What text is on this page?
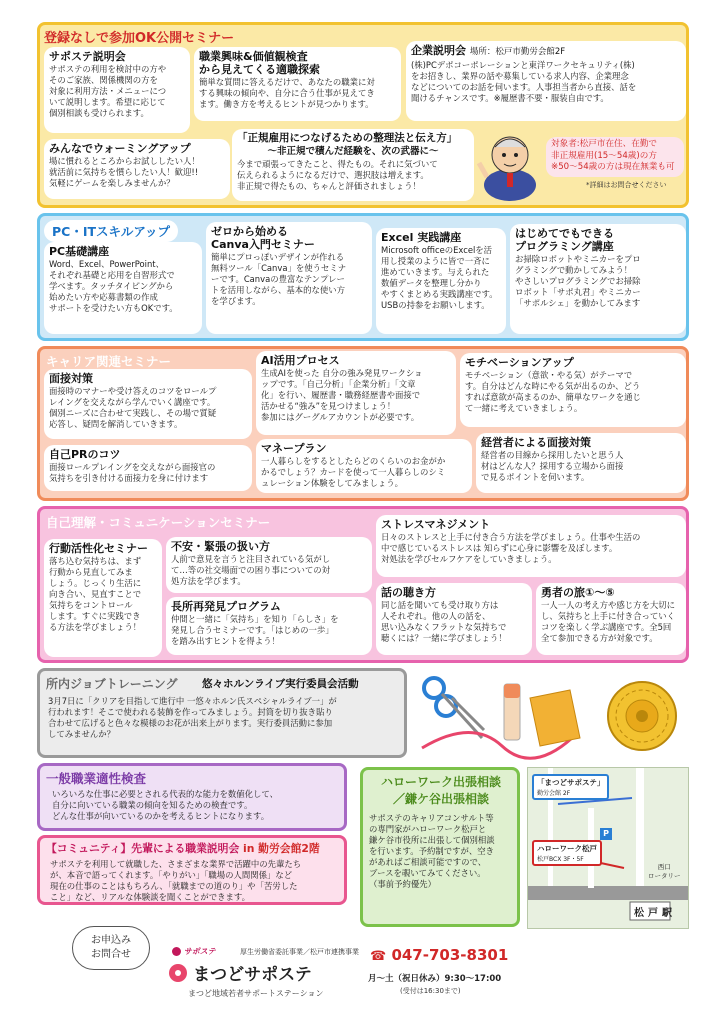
登録なしで参加OK公開セミナー
サポステ説明会
サポステの利用を検討中の方や
そのご家族、関係機関の方を
対象に利用方法・メニューにつ
いて説明します。希望に応じて
個別相談も受けられます。
職業興味&価値観検査
から見えてくる適職探索
簡単な質問に答えるだけで、あなたの職業に対
する興味の傾向や、自分に合う仕事が見えてき
ます。働き方を考えるヒントが見つかります。
企業説明会 場所：松戸市勤労会館2F
(株)PCデポコーポレーションと東洋ワークセキュリティ(株)
をお招きし、業界の話や募集している求人内容、企業理念
などについてのお話を伺います。人事担当者から直接、話を
聞けるチャンスです。※履歴書不要・服装自由です。
みんなでウォーミングアップ
場に慣れるところからお試ししたい人！
就活前に気持ちを慣らしたい人！歓迎!!
気軽にゲームを楽しみませんか？
「正規雇用につなげるための整理法と伝え方」
～非正規で積んだ経験を、次の武器に～
今まで頑張ってきたこと、得たもの。それに気づいて
伝えられるようになるだけで、選択肢は増えます。
非正規で得たもの、ちゃんと評価されましょう！
対象者:松戸市在住、在勤で
非正規雇用(15～54歳)の方
※50～54歳の方は現在無業も可
*詳細はお問合せください
PC・ITスキルアップ
PC基礎講座
Word、Excel、PowerPoint、
それぞれ基礎と応用を自習形式で
学べます。タッチタイピングから
始めたい方や応募書類の作成
サポートを受けたい方もOKです。
ゼロから始める
Canva入門セミナー
簡単にプロっぽいデザインが作れる
無料ツール「Canva」を使うセミナ
ーです。Canvaの豊富なテンプレー
トを活用しながら、基本的な使い方
を学びます。
Excel 実践講座
Microsoft officeのExcelを活
用し授業のように皆で一斉に
進めていきます。与えられた
数値データを整理し分かり
やすくまとめる実践講座です。
USBの持参をお願いします。
はじめてでもできる
プログラミング講座
お掃除ロボットやミニカーをプロ
グラミングで動かしてみよう！
やさしいプログラミングでお掃除
ロボット「サポ丸君」やミニカー
「サポルシェ」を動かしてみます
キャリア関連セミナー
面接対策
面接時のマナーや受け答えのコツをロールプ
レイングを交えながら学んでいく講座です。
個別ニーズに合わせて実践し、その場で質疑
応答し、疑問を解消していきます。
AI活用プロセス
生成AIを使った 自分の強み発見ワークショ
ップです。「自己分析」「企業分析」「文章
化」を行い、履歴書・職務経歴書や面接で
活かせる“強み”を見つけましょう！
参加にはグーグルアカウントが必要です。
モチベーションアップ
モチベーション（意欲・やる気）がテーマで
す。自分はどんな時にやる気が出るのか、どう
すれば意欲が高まるのか、簡単なワークを通じ
て一緒に考えていきましょう。
自己PRのコツ
面接ロールプレイングを交えながら面接官の
気持ちを引き付ける面接力を身に付けます
マネープラン
一人暮らしをするとしたらどのくらいのお金がか
かるでしょう？カードを使って一人暮らしのシミ
ュレーション体験をしてみましょう。
経営者による面接対策
経営者の目線から採用したいと思う人
材はどんな人？採用する立場から面接
で見るポイントを伺います。
自己理解・コミュニケーションセミナー
行動活性化セミナー
落ち込む気持ちは、まず
行動から見直してみま
しょう。じっくり生活に
向き合い、見直すことで
気持ちをコントロール
します。すぐに実践でき
る方法を学びましょう！
不安・緊張の扱い方
人前で意見を言うと注目されている気がし
て…等の社交場面での困り事についての対
処方法を学びます。
長所再発見プログラム
仲間と一緒に「気持ち」を知り「らしさ」を
発見し合うセミナーです。「はじめの一歩」
を踏み出すヒントを得よう！
ストレスマネジメント
日々のストレスと上手に付き合う方法を学びましょう。仕事や生活の
中で感じているストレスは 知らずに心身に影響を及ぼします。
対処法を学びセルフケアをしていきましょう。
話の聴き方
同じ話を聞いても受け取り方は
人それぞれ。他の人の話を、
思い込みなくフラットな気持ちで
聴くには？一緒に学びましょう！
勇者の旅①～⑤
一人一人の考え方や感じ方を大切に
し、気持ちと上手に付き合っていく
コツを楽しく学ぶ講座です。全5回
全て参加できる方が対象です。
所内ジョブトレーニング 悠々ホルンライブ実行委員会活動
3月7日に「クリアを目指して進行中 一悠々ホルン氏スペシャルライブ一」が
行われます！そこで使われる装飾を作ってみましょう。封筒を切り抜き貼り
合わせて広げると色々な模様のお花が出来上がります。実行委員活動に参加
してみませんか？
一般職業適性検査
いろいろな仕事に必要とされる代表的な能力を数値化して、
自分に向いている職業の傾向を知るための検査です。
どんな仕事が向いているのかを考えるヒントになります。
【コミュニティ】先輩による職業説明会 in 勤労会館2階
サポステを利用して就職した、さまざまな業界で活躍中の先輩たち
が、本音で語ってくれます。「やりがい」「職場の人間関係」など
現在の仕事のことはもちろん、「就職までの道のり」や「苦労した
こと」など、リアルな体験談を聞くことができます。
ハローワーク出張相談
／鎌ケ谷出張相談
サポステのキャリアコンサルト等
の専門家がハローワーク松戸と
鎌ケ谷市役所に出張して個別相談
を行います。予約制ですが、空き
があればご相談可能ですので、
ブースを覗いてみてください。
（事前予約優先）
「まつどサポステ」
勤労会館 2F
ハローワーク松戸
松戸BCX 3F・5F
西口
ロータリー
松戸駅
P
お申込み
お問合せ	サポステ	厚生労働省委託事業／松戸市連携事業
まつどサポステ
まつど地域若者サポートステーション
☎ 047-703-8301
月～土（祝日休み）9:30～17:00
(受付は16:30まで)
